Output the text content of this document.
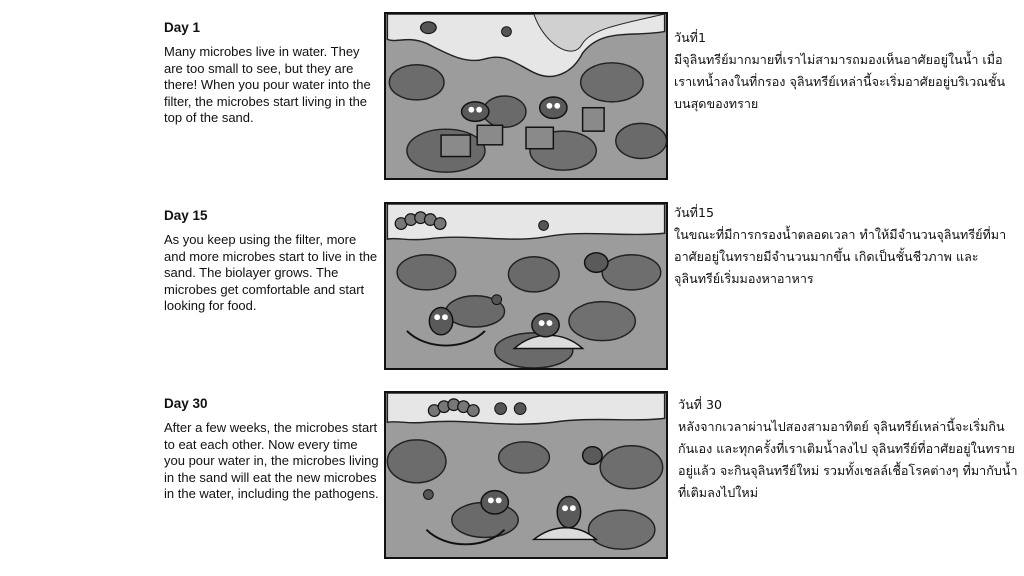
Day 1

Many microbes live in water. They are too small to see, but they are there! When you pour water into the filter, the microbes start living in the top of the sand.

วันที่1

มีจุลินทรีย์มากมายที่เราไม่สามารถมองเห็นอาศัยอยู่ในน้ำ เมื่อเราเทน้ำลงในที่กรอง จุลินทรีย์เหล่านี้จะเริ่มอาศัยอยู่บริเวณชั้นบนสุดของทราย

Day 15

As you keep using the filter, more and more microbes start to live in the sand. The biolayer grows. The microbes get comfortable and start looking for food.

วันที่15

ในขณะที่มีการกรองน้ำตลอดเวลา ทำให้มีจำนวนจุลินทรีย์ที่มาอาศัยอยู่ในทรายมีจำนวนมากขึ้น เกิดเป็นชั้นชีวภาพ และจุลินทรีย์เริ่มมองหาอาหาร

Day 30

After a few weeks, the microbes start to eat each other. Now every time you pour water in, the microbes living in the sand will eat the new microbes in the water, including the pathogens.

วันที่ 30

หลังจากเวลาผ่านไปสองสามอาทิตย์ จุลินทรีย์เหล่านี้จะเริ่มกินกันเอง และทุกครั้งที่เราเติมน้ำลงไป จุลินทรีย์ที่อาศัยอยู่ในทรายอยู่แล้ว จะกินจุลินทรีย์ใหม่ รวมทั้งเชลล์เชื้อโรคต่างๆ ที่มากับน้ำที่เติมลงไปใหม่
